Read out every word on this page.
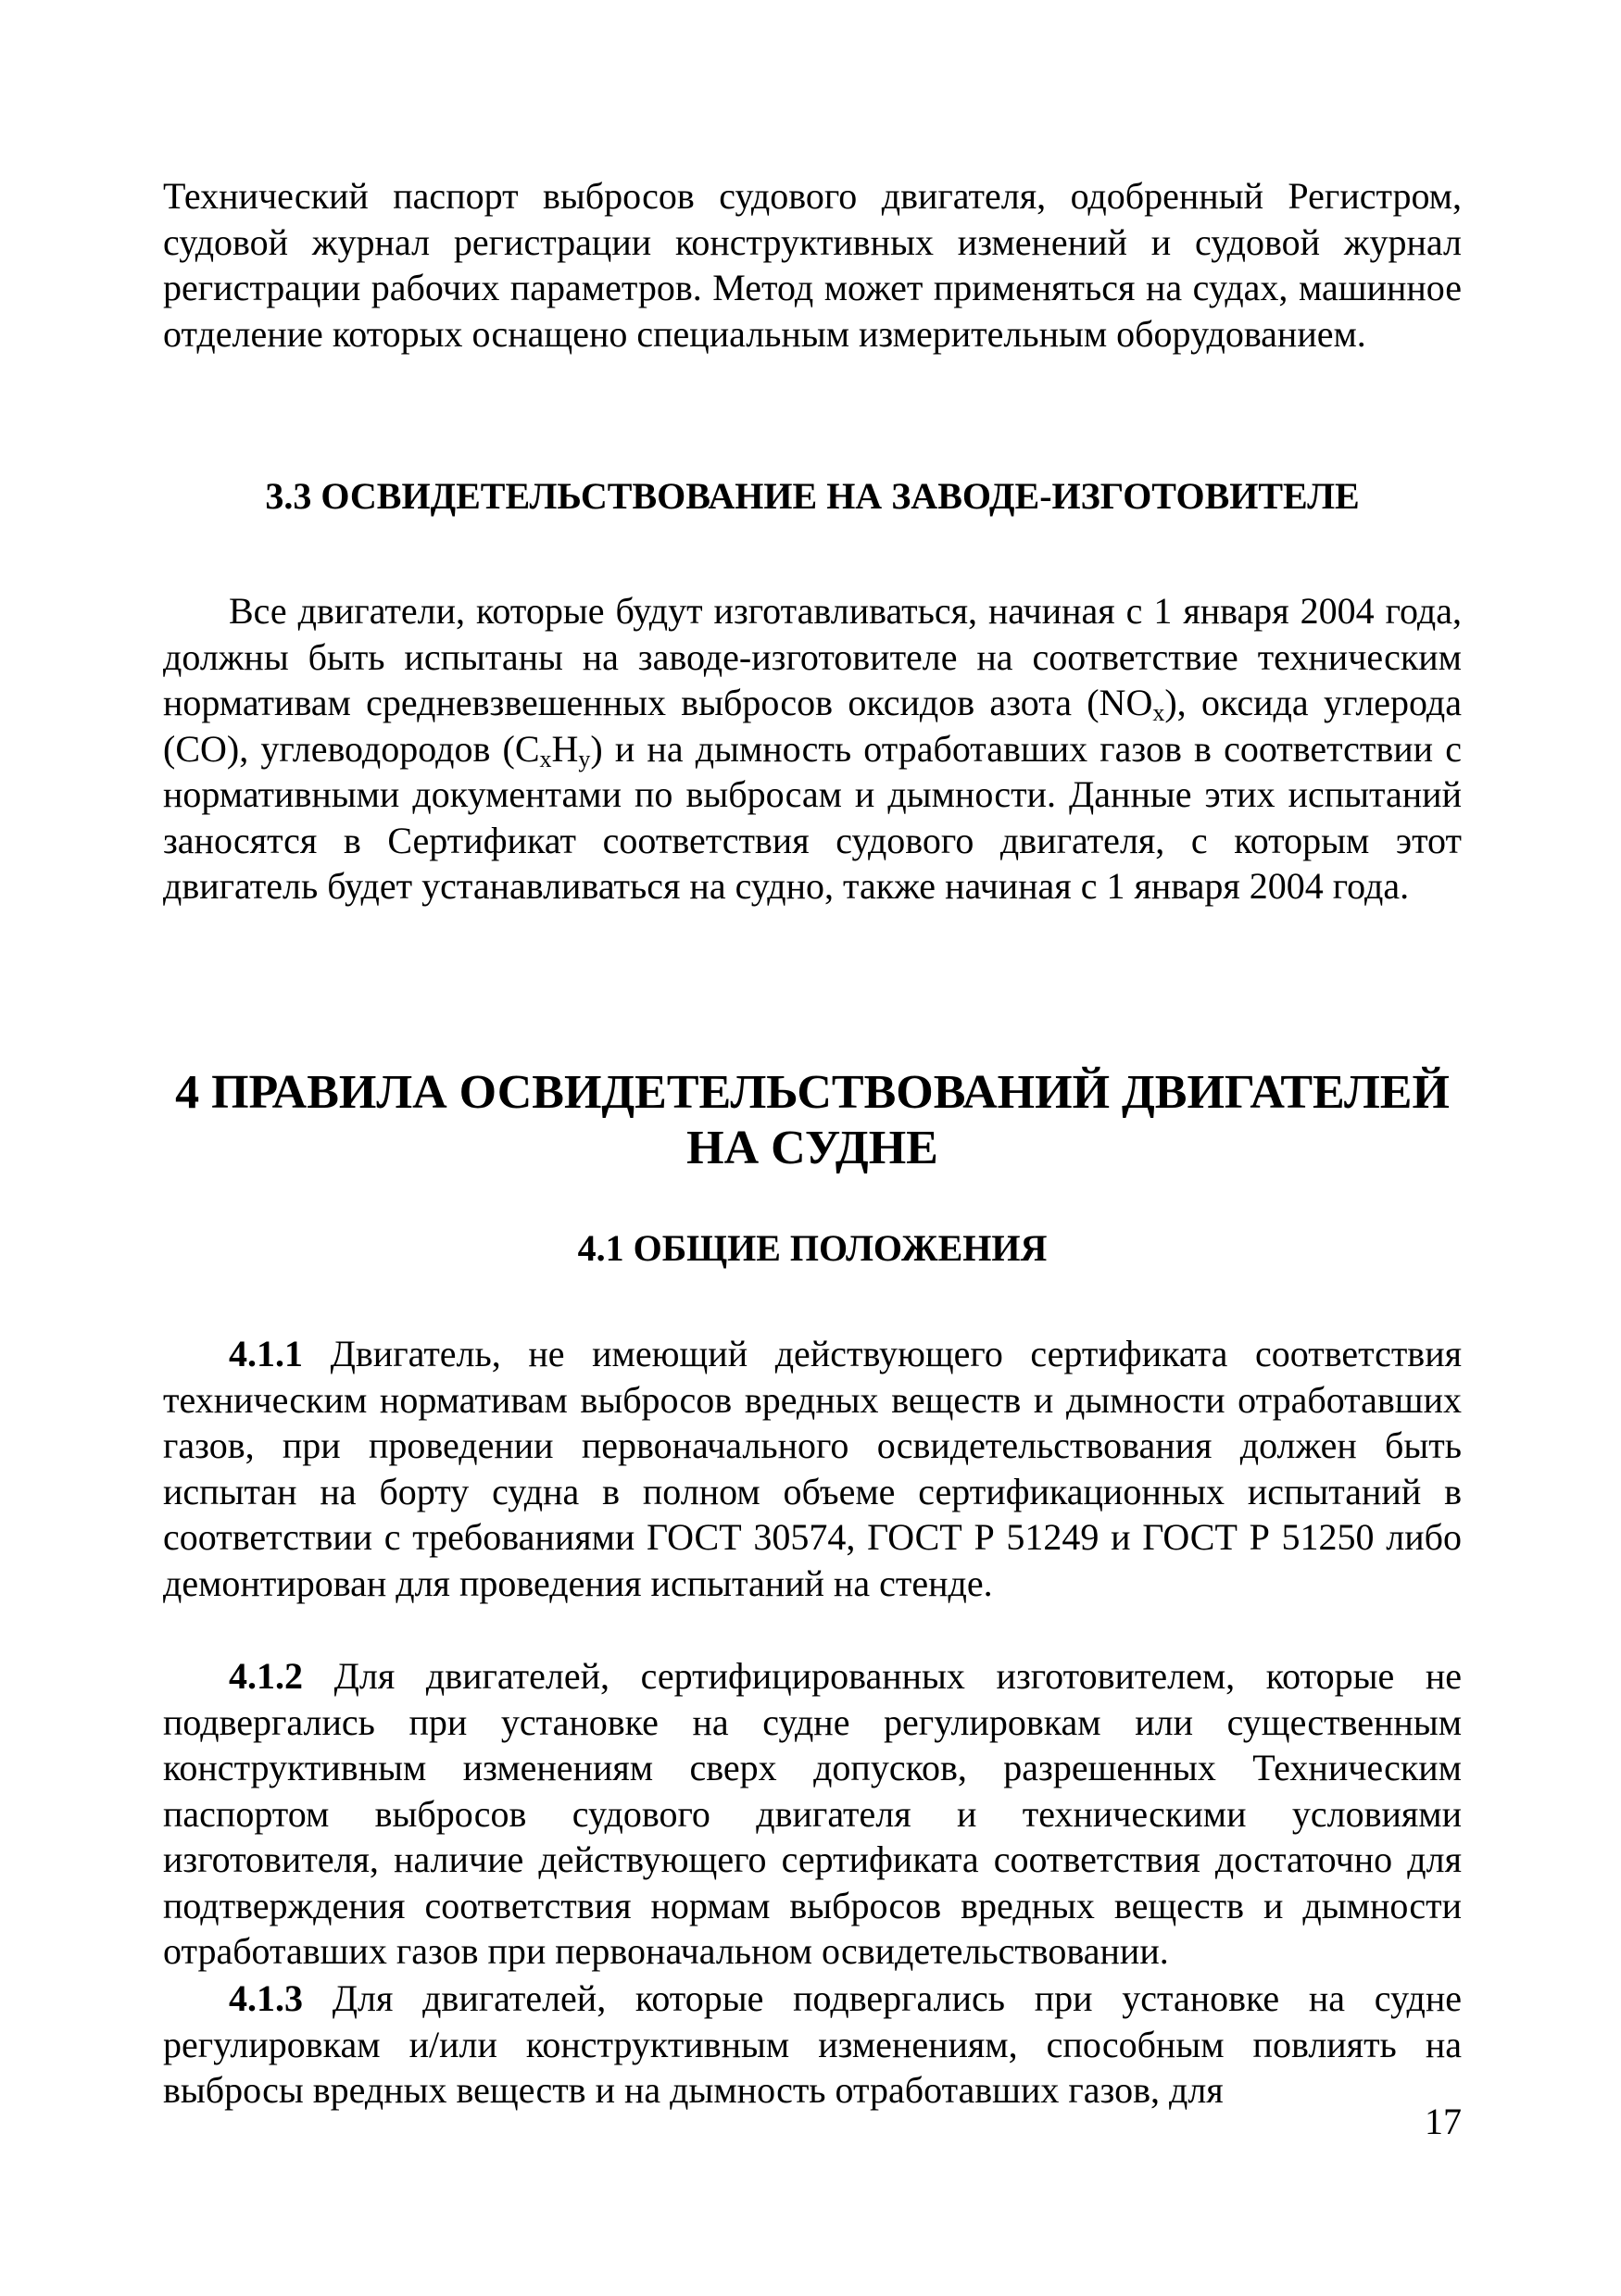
Технический паспорт выбросов судового двигателя, одобренный Регистром, судовой журнал регистрации конструктивных изменений и судовой журнал регистрации рабочих параметров. Метод может применяться на судах, машинное отделение которых оснащено специальным измерительным оборудованием.

3.3 ОСВИДЕТЕЛЬСТВОВАНИЕ НА ЗАВОДЕ-ИЗГОТОВИТЕЛЕ

Все двигатели, которые будут изготавливаться, начиная с 1 января 2004 года, должны быть испытаны на заводе-изготовителе на соответствие техническим нормативам средневзвешенных выбросов оксидов азота $(NO_x)$, оксида углерода (CO), углеводородов $(C_xH_y)$ и на дымность отработавших газов в соответствии с нормативными документами по выбросам и дымности. Данные этих испытаний заносятся в Сертификат соответствия судового двигателя, с которым этот двигатель будет устанавливаться на судно, также начиная с 1 января 2004 года.

4 ПРАВИЛА ОСВИДЕТЕЛЬСТВОВАНИЙ ДВИГАТЕЛЕЙ
НА СУДНЕ
4.1 ОБЩИЕ ПОЛОЖЕНИЯ

4.1.1 Двигатель, не имеющий действующего сертификата соответствия техническим нормативам выбросов вредных веществ и дымности отработавших газов, при проведении первоначального освидетельствования должен быть испытан на борту судна в полном объеме сертификационных испытаний в соответствии с требованиями ГОСТ 30574, ГОСТ Р 51249 и ГОСТ Р 51250 либо демонтирован для проведения испытаний на стенде.

4.1.2 Для двигателей, сертифицированных изготовителем, которые не подвергались при установке на судне регулировкам или существенным конструктивным изменениям сверх допусков, разрешенных Техническим паспортом выбросов судового двигателя и техническими условиями изготовителя, наличие действующего сертификата соответствия достаточно для подтверждения соответствия нормам выбросов вредных веществ и дымности отработавших газов при первоначальном освидетельствовании.

4.1.3 Для двигателей, которые подвергались при установке на судне регулировкам и/или конструктивным изменениям, способным повлиять на выбросы вредных веществ и на дымность отработавших газов, для

17
